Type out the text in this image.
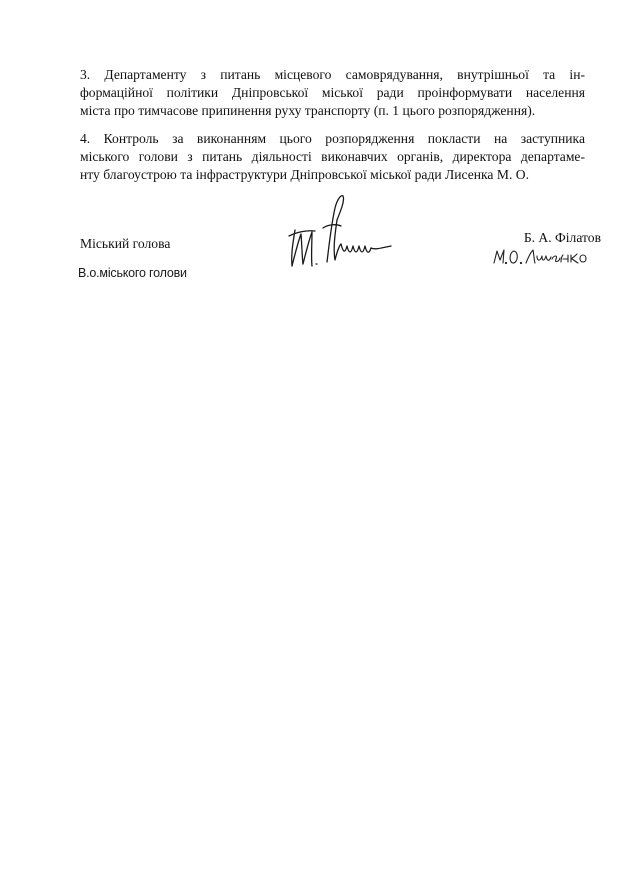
3. Департаменту з питань місцевого самоврядування, внутрішньої та ін-
формаційної політики Дніпровської міської ради проінформувати населення
міста про тимчасове припинення руху транспорту (п. 1 цього розпорядження).

4. Контроль за виконанням цього розпорядження покласти на заступника
міського голови з питань діяльності виконавчих органів, директора департаме-
нту благоустрою та інфраструктури Дніпровської міської ради Лисенка М. О.

Міський голова
В.о.міського голови
Б. А. Філатов
